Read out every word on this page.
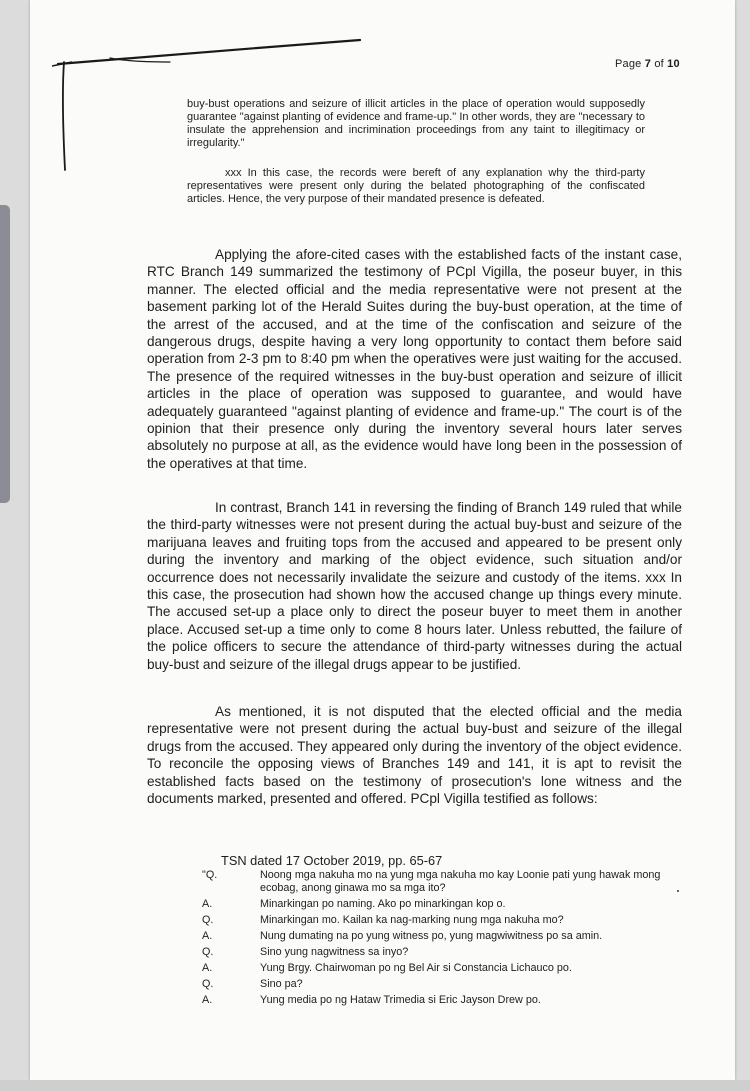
Page 7 of 10
buy-bust operations and seizure of illicit articles in the place of operation would supposedly guarantee "against planting of evidence and frame-up." In other words, they are "necessary to insulate the apprehension and incrimination proceedings from any taint to illegitimacy or irregularity."
xxx In this case, the records were bereft of any explanation why the third-party representatives were present only during the belated photographing of the confiscated articles. Hence, the very purpose of their mandated presence is defeated.
Applying the afore-cited cases with the established facts of the instant case, RTC Branch 149 summarized the testimony of PCpl Vigilla, the poseur buyer, in this manner. The elected official and the media representative were not present at the basement parking lot of the Herald Suites during the buy-bust operation, at the time of the arrest of the accused, and at the time of the confiscation and seizure of the dangerous drugs, despite having a very long opportunity to contact them before said operation from 2-3 pm to 8:40 pm when the operatives were just waiting for the accused. The presence of the required witnesses in the buy-bust operation and seizure of illicit articles in the place of operation was supposed to guarantee, and would have adequately guaranteed "against planting of evidence and frame-up." The court is of the opinion that their presence only during the inventory several hours later serves absolutely no purpose at all, as the evidence would have long been in the possession of the operatives at that time.
In contrast, Branch 141 in reversing the finding of Branch 149 ruled that while the third-party witnesses were not present during the actual buy-bust and seizure of the marijuana leaves and fruiting tops from the accused and appeared to be present only during the inventory and marking of the object evidence, such situation and/or occurrence does not necessarily invalidate the seizure and custody of the items. xxx In this case, the prosecution had shown how the accused change up things every minute. The accused set-up a place only to direct the poseur buyer to meet them in another place. Accused set-up a time only to come 8 hours later. Unless rebutted, the failure of the police officers to secure the attendance of third-party witnesses during the actual buy-bust and seizure of the illegal drugs appear to be justified.
As mentioned, it is not disputed that the elected official and the media representative were not present during the actual buy-bust and seizure of the illegal drugs from the accused. They appeared only during the inventory of the object evidence. To reconcile the opposing views of Branches 149 and 141, it is apt to revisit the established facts based on the testimony of prosecution's lone witness and the documents marked, presented and offered. PCpl Vigilla testified as follows:
TSN dated 17 October 2019, pp. 65-67
"Q.	Noong mga nakuha mo na yung mga nakuha mo kay Loonie pati yung hawak mong ecobag, anong ginawa mo sa mga ito?
A.	Minarkingan po naming. Ako po minarkingan kop o.
Q.	Minarkingan mo. Kailan ka nag-marking nung mga nakuha mo?
A.	Nung dumating na po yung witness po, yung magwiwitness po sa amin.
Q.	Sino yung nagwitness sa inyo?
A.	Yung Brgy. Chairwoman po ng Bel Air si Constancia Lichauco po.
Q.	Sino pa?
A.	Yung media po ng Hataw Trimedia si Eric Jayson Drew po.
